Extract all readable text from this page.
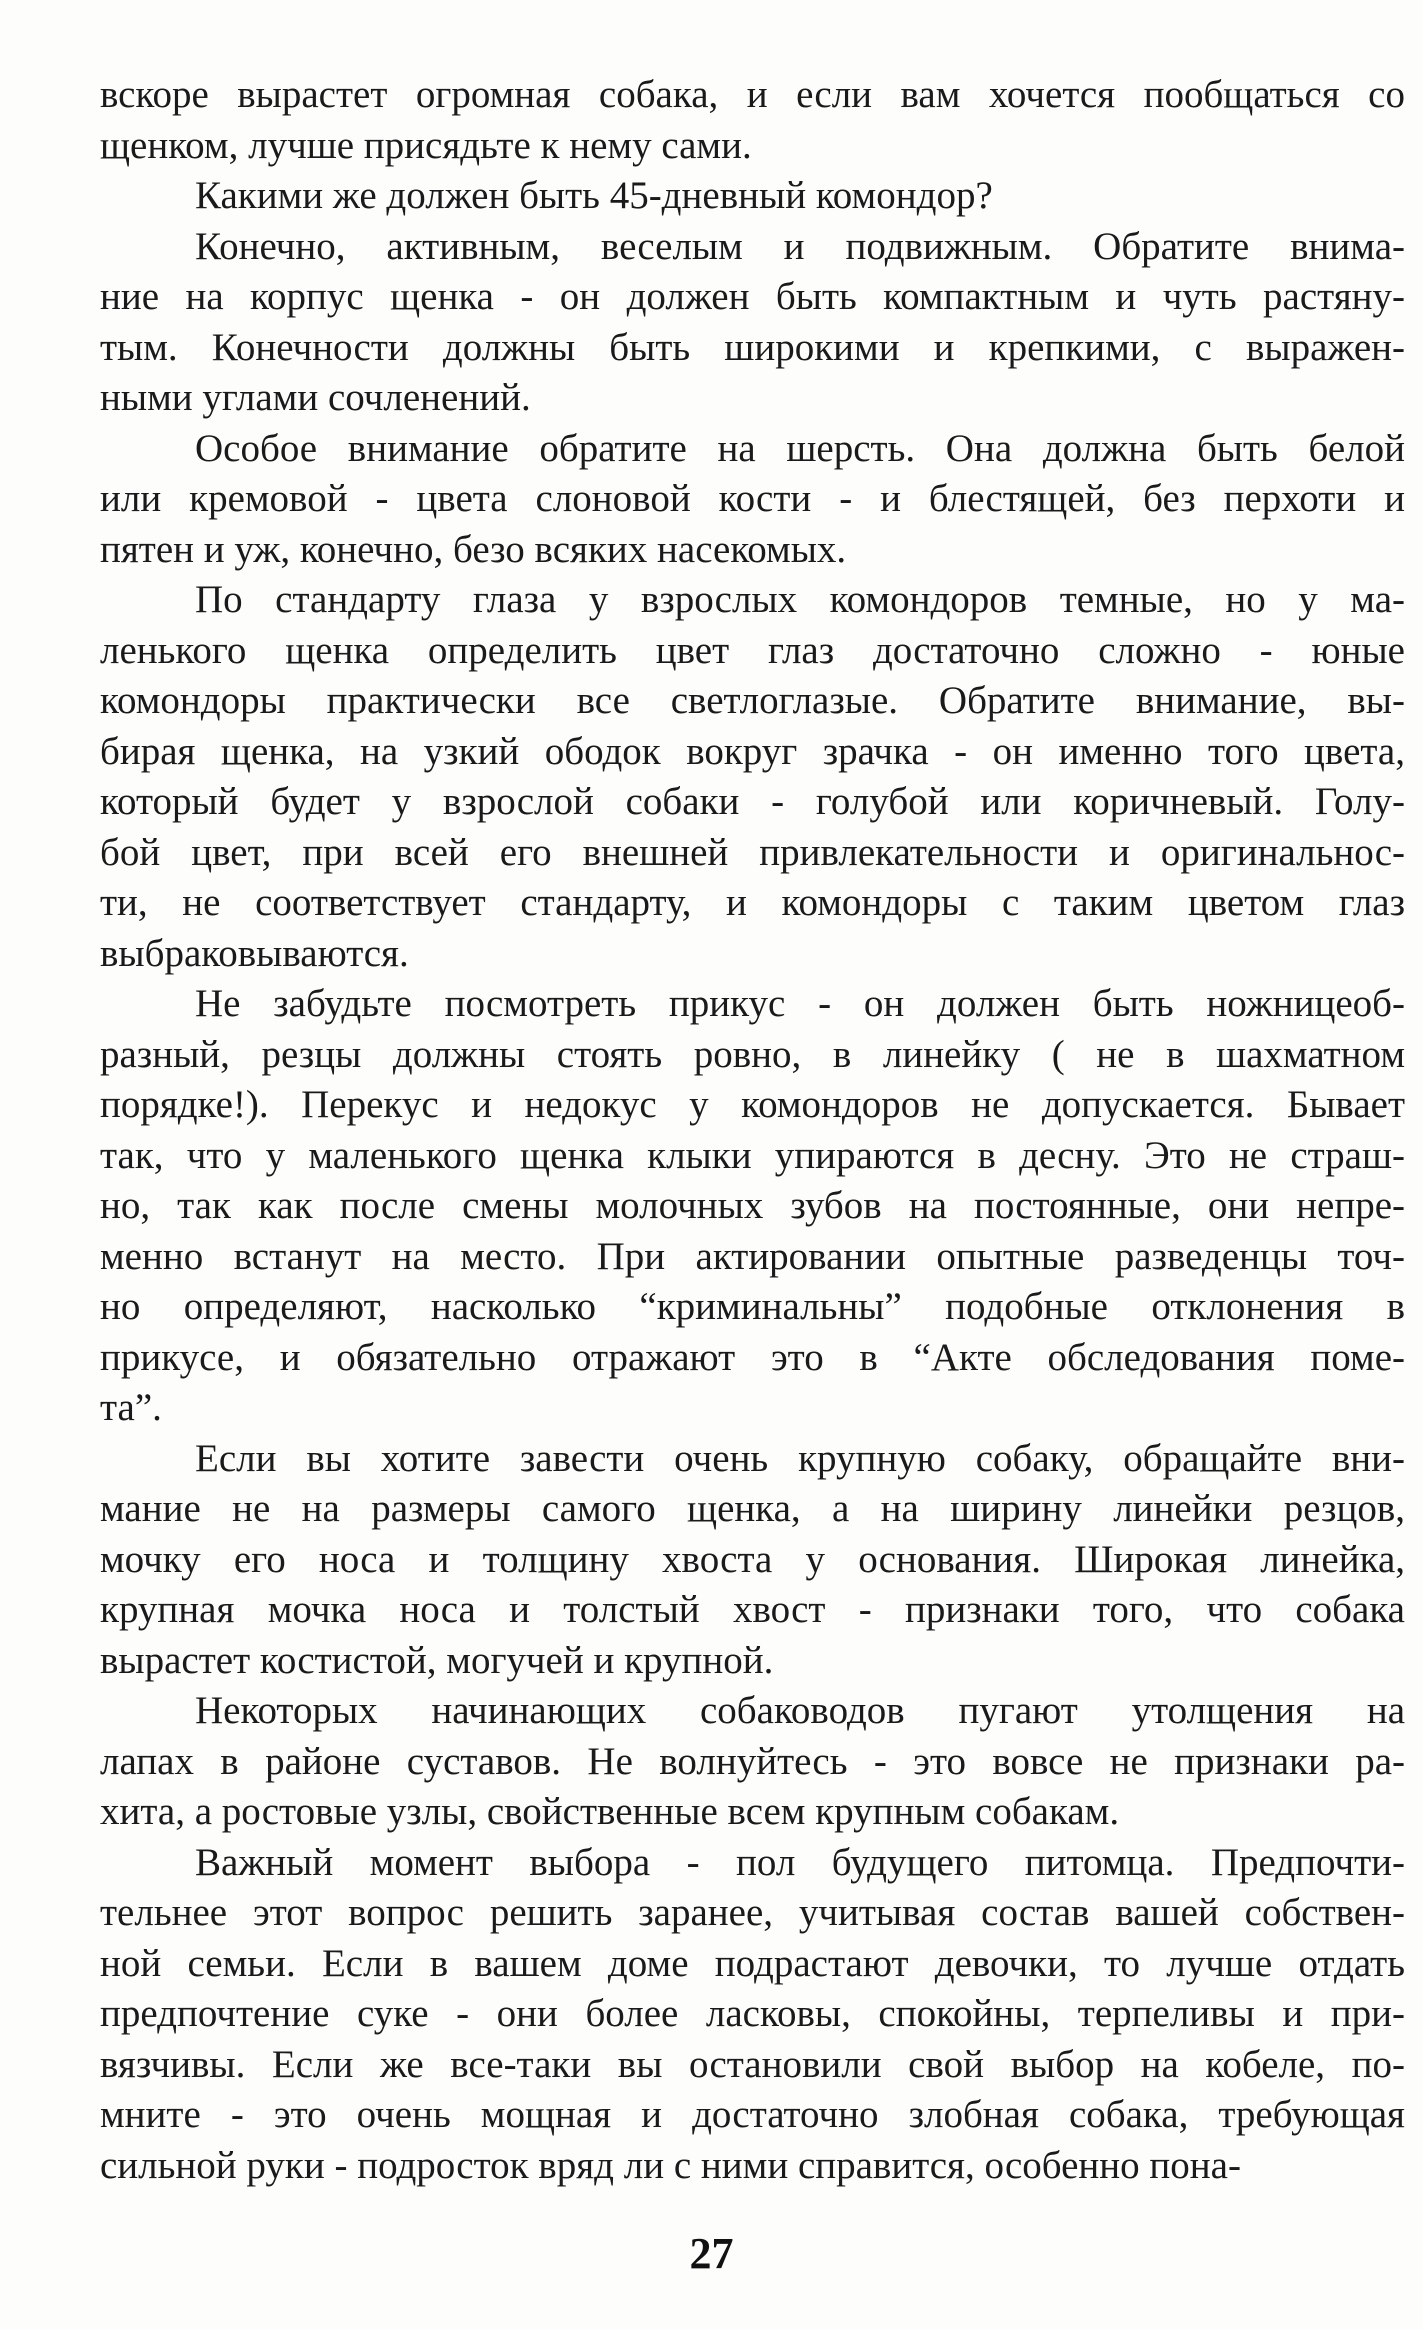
вскоре вырастет огромная собака, и если вам хочется пообщаться со
щенком, лучше присядьте к нему сами.
Какими же должен быть 45-дневный комондор?
Конечно, активным, веселым и подвижным. Обратите внима-
ние на корпус щенка - он должен быть компактным и чуть растяну-
тым. Конечности должны быть широкими и крепкими, с выражен-
ными углами сочленений.
Особое внимание обратите на шерсть. Она должна быть белой
или кремовой - цвета слоновой кости - и блестящей, без перхоти и
пятен и уж, конечно, безо всяких насекомых.
По стандарту глаза у взрослых комондоров темные, но у ма-
ленького щенка определить цвет глаз достаточно сложно - юные
комондоры практически все светлоглазые. Обратите внимание, вы-
бирая щенка, на узкий ободок вокруг зрачка - он именно того цвета,
который будет у взрослой собаки - голубой или коричневый. Голу-
бой цвет, при всей его внешней привлекательности и оригинальнос-
ти, не соответствует стандарту, и комондоры с таким цветом глаз
выбраковываются.
Не забудьте посмотреть прикус - он должен быть ножницеоб-
разный, резцы должны стоять ровно, в линейку ( не в шахматном
порядке!). Перекус и недокус у комондоров не допускается. Бывает
так, что у маленького щенка клыки упираются в десну. Это не страш-
но, так как после смены молочных зубов на постоянные, они непре-
менно встанут на место. При актировании опытные разведенцы точ-
но определяют, насколько “криминальны” подобные отклонения в
прикусе, и обязательно отражают это в “Акте обследования поме-
та”.
Если вы хотите завести очень крупную собаку, обращайте вни-
мание не на размеры самого щенка, а на ширину линейки резцов,
мочку его носа и толщину хвоста у основания. Широкая линейка,
крупная мочка носа и толстый хвост - признаки того, что собака
вырастет костистой, могучей и крупной.
Некоторых начинающих собаководов пугают утолщения на
лапах в районе суставов. Не волнуйтесь - это вовсе не признаки ра-
хита, а ростовые узлы, свойственные всем крупным собакам.
Важный момент выбора - пол будущего питомца. Предпочти-
тельнее этот вопрос решить заранее, учитывая состав вашей собствен-
ной семьи. Если в вашем доме подрастают девочки, то лучше отдать
предпочтение суке - они более ласковы, спокойны, терпеливы и при-
вязчивы. Если же все-таки вы остановили свой выбор на кобеле, по-
мните - это очень мощная и достаточно злобная собака, требующая
сильной руки - подросток вряд ли с ними справится, особенно пона-
27
